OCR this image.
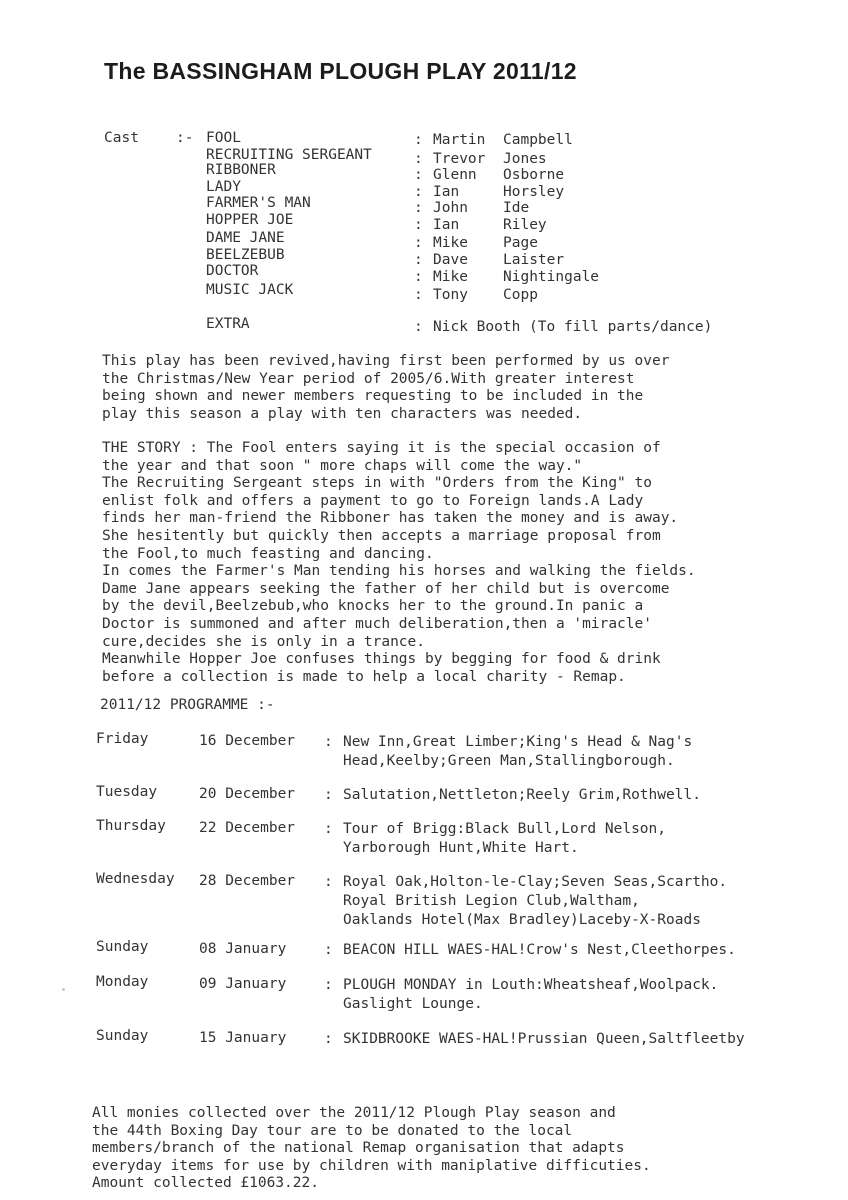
The BASSINGHAM PLOUGH PLAY 2011/12
Cast	:- FOOL	: Martin Campbell
RECRUITING SERGEANT	: Trevor Jones
RIBBONER	: Glenn Osborne
LADY	: Ian	Horsley
FARMER'S MAN	: John Ide
HOPPER JOE	: Ian	Riley
DAME JANE	: Mike Page
BEELZEBUB	: Dave Laister
DOCTOR	: Mike Nightingale
MUSIC JACK	: Tony Copp
EXTRA	: Nick Booth (To fill parts/dance)
This play has been revived,having first been performed by us over
the Christmas/New Year period of 2005/6.With greater interest
being shown and newer members requesting to be included in the
play this season a play with ten characters was needed.
THE STORY : The Fool enters saying it is the special occasion of
the year and that soon " more chaps will come the way."
The Recruiting Sergeant steps in with "Orders from the King" to
enlist folk and offers a payment to go to Foreign lands.A Lady
finds her man-friend the Ribboner has taken the money and is away.
She hesitently but quickly then accepts a marriage proposal from
the Fool,to much feasting and dancing.
In comes the Farmer's Man tending his horses and walking the fields.
Dame Jane appears seeking the father of her child but is overcome
by the devil,Beelzebub,who knocks her to the ground.In panic a
Doctor is summoned and after much deliberation,then a 'miracle'
cure,decides she is only in a trance.
Meanwhile Hopper Joe confuses things by begging for food & drink
before a collection is made to help a local charity - Remap.
2011/12 PROGRAMME :-
Friday	16 December : New Inn,Great Limber;King's Head & Nag's
Head,Keelby;Green Man,Stallingborough.
Tuesday	20 December : Salutation,Nettleton;Reely Grim,Rothwell.
Thursday 22 December : Tour of Brigg:Black Bull,Lord Nelson,
Yarborough Hunt,White Hart.
Wednesday 28 December : Royal Oak,Holton-le-Clay;Seven Seas,Scartho.
Royal British Legion Club,Waltham,
Oaklands Hotel(Max Bradley)Laceby-X-Roads
Sunday	08 January	: BEACON HILL WAES-HAL!Crow's Nest,Cleethorpes.
Monday	09 January	: PLOUGH MONDAY in Louth:Wheatsheaf,Woolpack.
Gaslight Lounge.
Sunday	15 January	: SKIDBROOKE WAES-HAL!Prussian Queen,Saltfleetby
All monies collected over the 2011/12 Plough Play season and
the 44th Boxing Day tour are to be donated to the local
members/branch of the national Remap organisation that adapts
everyday items for use by children with maniplative difficuties.
Amount collected £1063.22.
